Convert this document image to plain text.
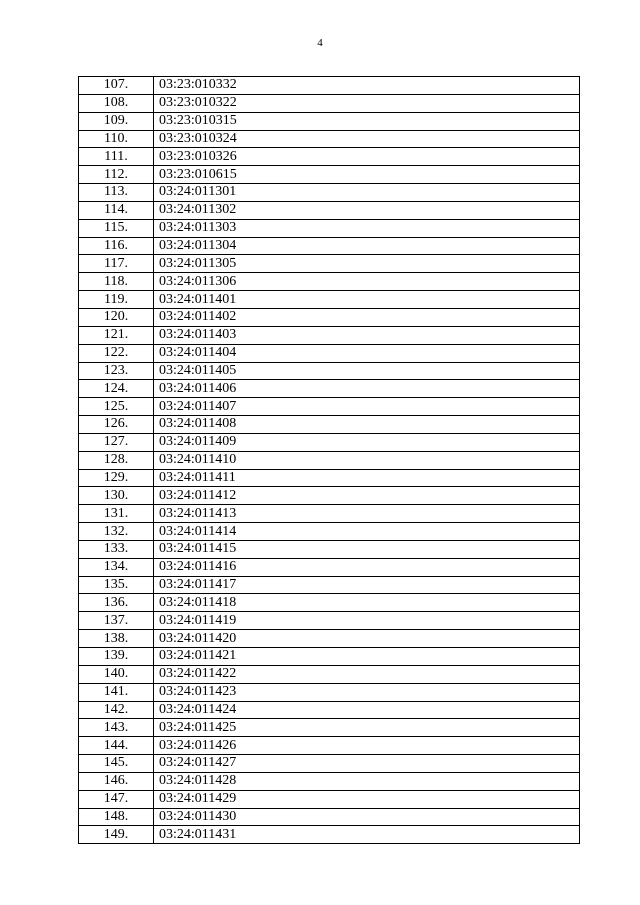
4
107.	03:23:010332
108.	03:23:010322
109.	03:23:010315
110.	03:23:010324
111.	03:23:010326
112.	03:23:010615
113.	03:24:011301
114.	03:24:011302
115.	03:24:011303
116.	03:24:011304
117.	03:24:011305
118.	03:24:011306
119.	03:24:011401
120.	03:24:011402
121.	03:24:011403
122.	03:24:011404
123.	03:24:011405
124.	03:24:011406
125.	03:24:011407
126.	03:24:011408
127.	03:24:011409
128.	03:24:011410
129.	03:24:011411
130.	03:24:011412
131.	03:24:011413
132.	03:24:011414
133.	03:24:011415
134.	03:24:011416
135.	03:24:011417
136.	03:24:011418
137.	03:24:011419
138.	03:24:011420
139.	03:24:011421
140.	03:24:011422
141.	03:24:011423
142.	03:24:011424
143.	03:24:011425
144.	03:24:011426
145.	03:24:011427
146.	03:24:011428
147.	03:24:011429
148.	03:24:011430
149.	03:24:011431
